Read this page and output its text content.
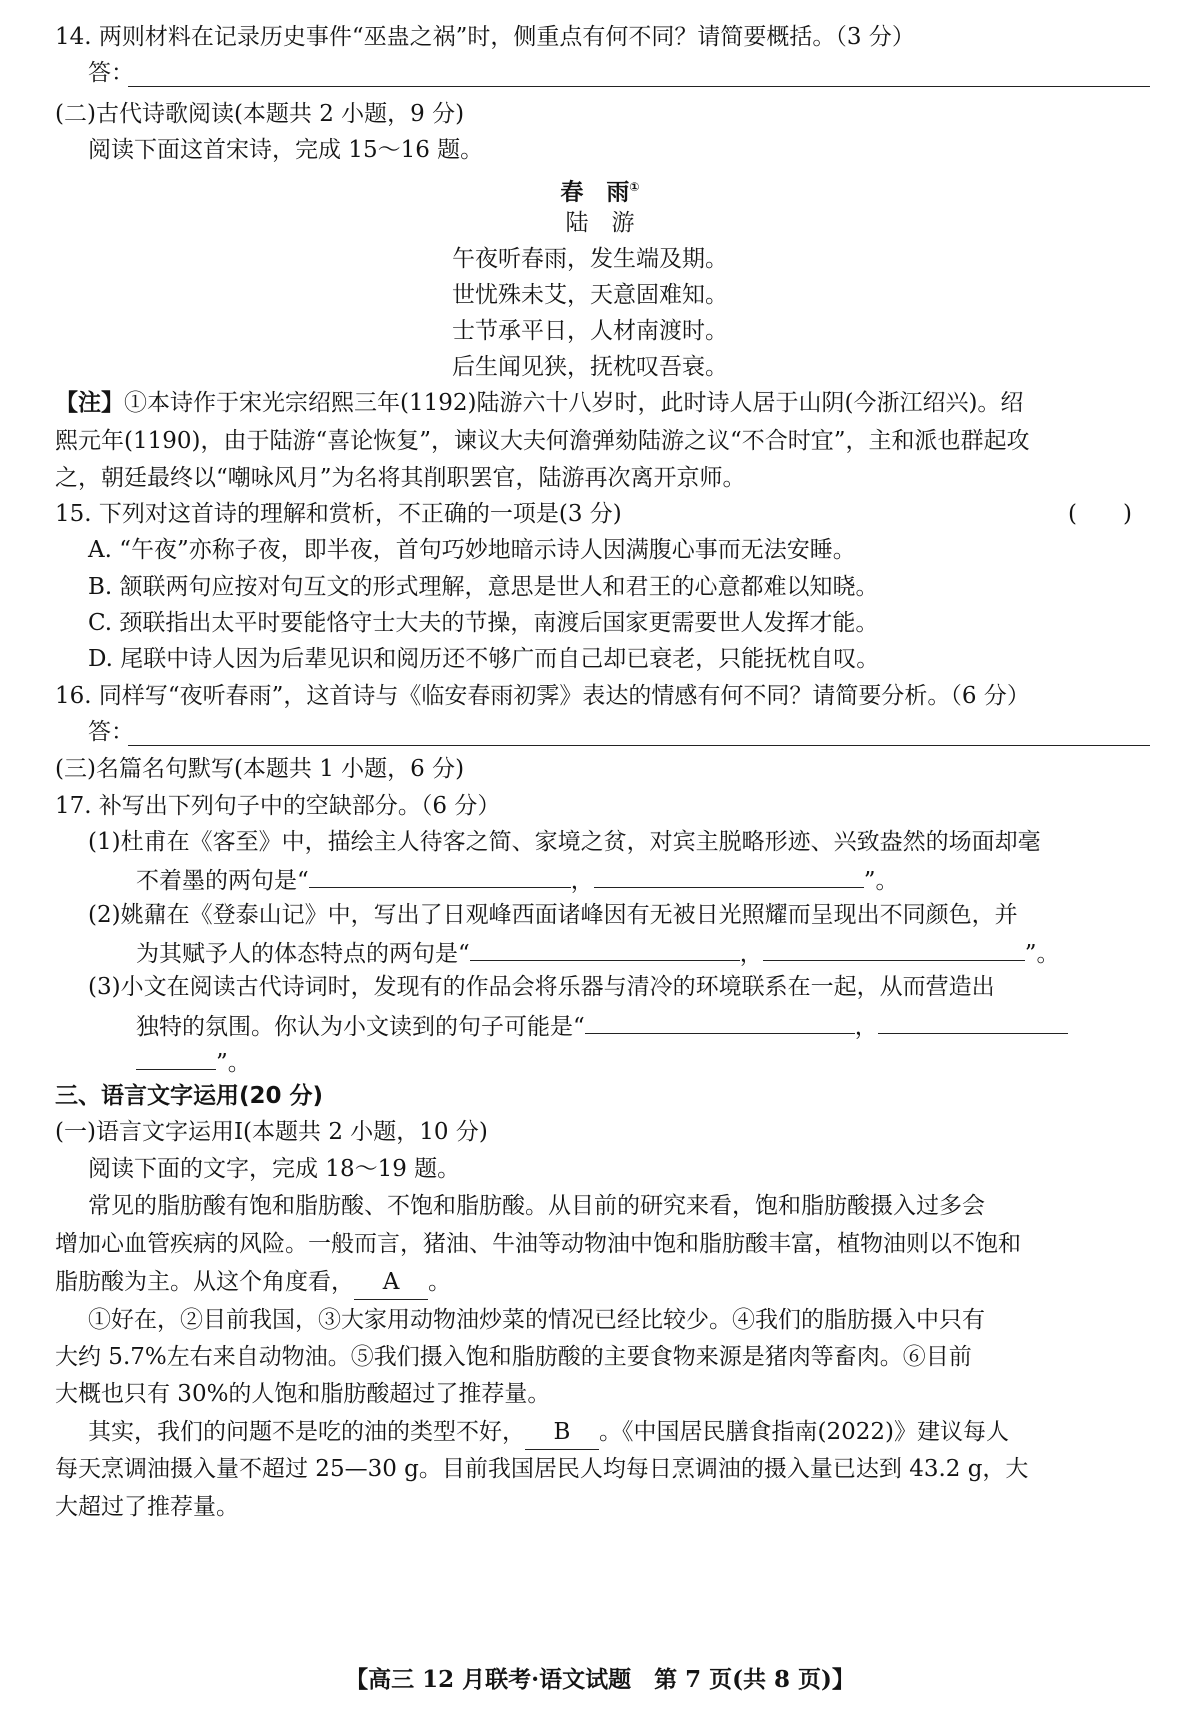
14. 两则材料在记录历史事件“巫蛊之祸”时，侧重点有何不同？请简要概括。（3 分）
答：
(二)古代诗歌阅读(本题共 2 小题，9 分)
阅读下面这首宋诗，完成 15～16 题。
春　雨①
陆　游
午夜听春雨，发生端及期。
世忧殊未艾，天意固难知。
士节承平日，人材南渡时。
后生闻见狭，抚枕叹吾衰。
【注】①本诗作于宋光宗绍熙三年(1192)陆游六十八岁时，此时诗人居于山阴(今浙江绍兴)。绍
熙元年(1190)，由于陆游“喜论恢复”，谏议大夫何澹弹劾陆游之议“不合时宜”，主和派也群起攻
之，朝廷最终以“嘲咏风月”为名将其削职罢官，陆游再次离开京师。
15. 下列对这首诗的理解和赏析，不正确的一项是(3 分)	(　　)
A. “午夜”亦称子夜，即半夜，首句巧妙地暗示诗人因满腹心事而无法安睡。
B. 颔联两句应按对句互文的形式理解，意思是世人和君王的心意都难以知晓。
C. 颈联指出太平时要能恪守士大夫的节操，南渡后国家更需要世人发挥才能。
D. 尾联中诗人因为后辈见识和阅历还不够广而自己却已衰老，只能抚枕自叹。
16. 同样写“夜听春雨”，这首诗与《临安春雨初霁》表达的情感有何不同？请简要分析。（6 分）
答：
(三)名篇名句默写(本题共 1 小题，6 分)
17. 补写出下列句子中的空缺部分。（6 分）
(1)杜甫在《客至》中，描绘主人待客之简、家境之贫，对宾主脱略形迹、兴致盎然的场面却毫
不着墨的两句是“	，	”。
(2)姚鼐在《登泰山记》中，写出了日观峰西面诸峰因有无被日光照耀而呈现出不同颜色，并
为其赋予人的体态特点的两句是“	，	”。
(3)小文在阅读古代诗词时，发现有的作品会将乐器与清冷的环境联系在一起，从而营造出
独特的氛围。你认为小文读到的句子可能是“	，
”。
三、语言文字运用(20 分)
(一)语言文字运用Ⅰ(本题共 2 小题，10 分)
阅读下面的文字，完成 18～19 题。
常见的脂肪酸有饱和脂肪酸、不饱和脂肪酸。从目前的研究来看，饱和脂肪酸摄入过多会
增加心血管疾病的风险。一般而言，猪油、牛油等动物油中饱和脂肪酸丰富，植物油则以不饱和
脂肪酸为主。从这个角度看， A 。
①好在，②目前我国，③大家用动物油炒菜的情况已经比较少。④我们的脂肪摄入中只有
大约 5.7%左右来自动物油。⑤我们摄入饱和脂肪酸的主要食物来源是猪肉等畜肉。⑥目前
大概也只有 30%的人饱和脂肪酸超过了推荐量。
其实，我们的问题不是吃的油的类型不好， B 。《中国居民膳食指南(2022)》建议每人
每天烹调油摄入量不超过 25—30 g。目前我国居民人均每日烹调油的摄入量已达到 43.2 g，大
大超过了推荐量。
【高三 12 月联考·语文试题　第 7 页(共 8 页)】
